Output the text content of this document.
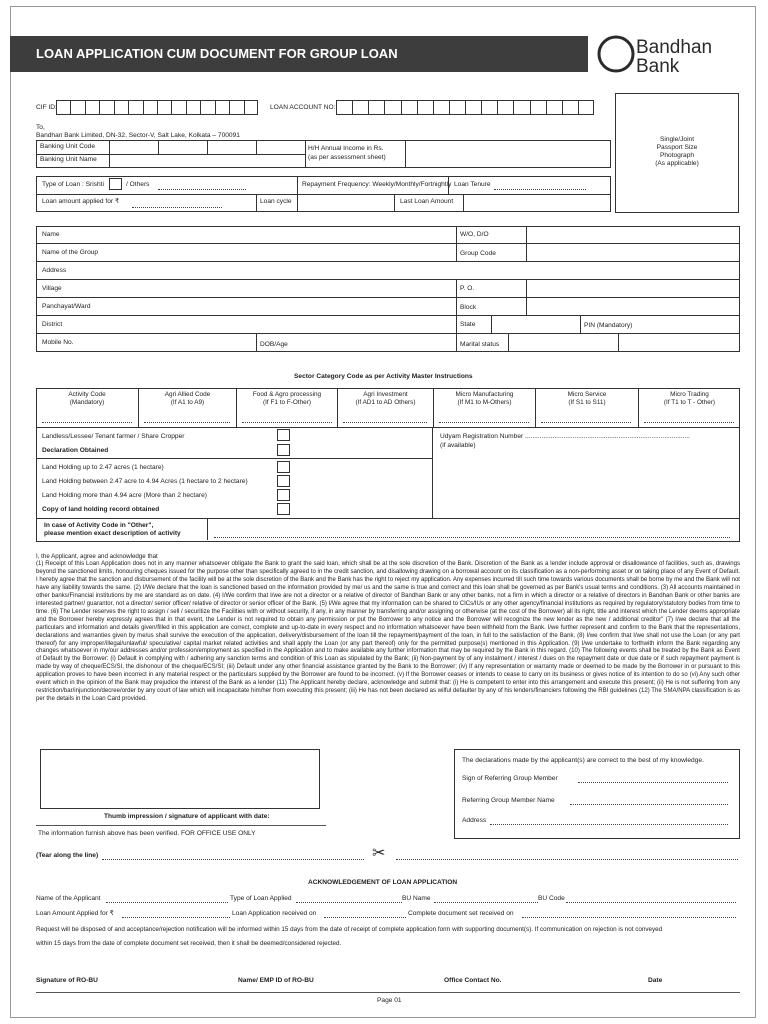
LOAN APPLICATION CUM DOCUMENT FOR GROUP LOAN	Bandhan
Bank
CIF ID:	LOAN ACCOUNT NO:
To,
Bandhan Bank Limited, DN-32, Sector-V, Salt Lake, Kolkata – 700091
Single/Joint
Passport Size
Photograph
(As applicable)
Banking Unit Code
Banking Unit Name
H/H Annual Income in Rs.
(as per assessment sheet)
Type of Loan : Srishti	/ Others	Repayment Frequency: Weekly/Monthly/Fortnightly Loan Tenure
Loan amount applied for ₹	Loan cycle	Last Loan Amount
Name	W/O, D/O
Name of the Group	Group Code
Address
Village	P. O.
Panchayat/Ward	Block
District	State	PIN (Mandatory)
Mobile No.	DOB/Age	Marital status
Sector Category Code as per Activity Master Instructions
Activity Code
(Mandatory)
Agri Allied Code
(If A1 to A9)
Food & Agro processing
(If F1 to F-Other)
Agri Investment
(If AD1 to AD Others)
Micro Manufacturing
(If M1 to M-Others)
Micro Service
(If S1 to S11)
Micro Trading
(If T1 to T - Other)
Landless/Lessee/ Tenant farmer / Share Cropper
Declaration Obtained
Land Holding up to 2.47 acres (1 hectare)
Land Holding between 2.47 acre to 4.94 Acres (1 hectare to 2 hectare)
Land Holding more than 4.94 acre (More than 2 hectare)
Copy of land holding record obtained
Udyam Registration Number ..........................................................................................
(if available)
In case of Activity Code in "Other",
please mention exact description of activity
I, the Applicant, agree and acknowledge that
(1) Receipt of this Loan Application does not in any manner whatsoever obligate the Bank to grant the said loan, which shall be at the sole discretion of the Bank. Discretion of the Bank as a lender include approval or disallowance of facilities, such as, drawings beyond the sanctioned limits, honouring cheques issued for the purpose other than specifically agreed to in the credit sanction, and disallowing drawing on a borrowal account on its classification as a non-performing asset or on taking place of any Event of Default. I hereby agree that the sanction and disbursement of the facility will be at the sole discretion of the Bank and the Bank has the right to reject my application. Any expenses incurred till such time towards various documents shall be borne by me and the Bank will not have any liability towards the same. (2) I/We declare that the loan is sanctioned based on the information provided by me/ us and the same is true and correct and this loan shall be governed as per Bank's usual terms and conditions. (3) All accounts maintained in other banks/Financial institutions by me are standard as on date. (4) I/We confirm that I/we are not a director or a relative of director of Bandhan Bank or any other banks, not a firm in which a director or a relative of directors in Bandhan Bank or other banks are interested partner/ guarantor, not a director/ senior officer/ relative of director or senior officer of the Bank. (5) I/We agree that my information can be shared to CICs/IUs or any other agency/financial institutions as required by regulatory/statutory bodies from time to time. (6) The Lender reserves the right to assign / sell / securitize the Facilities with or without security, if any, in any manner by transferring and/or assigning or otherwise (at the cost of the Borrower) all its right, title and interest which the Lender deems appropriate and the Borrower hereby expressly agrees that in that event, the Lender is not required to obtain any permission or put the Borrower to any notice and the Borrower will recognize the new lender as the new / additional creditor" (7) I/we declare that all the particulars and information and details given/filled in this application are correct, complete and up-to-date in every respect and no information whatsoever have been withheld from the Bank. I/we further represent and confirm to the Bank that the representations, declarations and warranties given by me/us shall survive the execution of the application, delivery/disbursement of the loan till the repayment/payment of the loan, in full to the satisfaction of the Bank. (8) I/we confirm that I/we shall not use the Loan (or any part thereof) for any improper/illegal/unlawful/ speculative/ capital market related activities and shall apply the Loan (or any part thereof) only for the permitted purpose(s) mentioned in this Application. (9) I/we undertake to forthwith inform the Bank regarding any changes whatsoever in my/our addresses and/or profession/employment as specified in the Application and to make available any further information that may be required by the Bank in this regard. (10) The following events shall be treated by the Bank as Event of Default by the Borrower: (i) Default in complying with / adhering any sanction terms and condition of this Loan as stipulated by the Bank; (ii) Non-payment by of any instalment / interest / dues on the repayment date or due date or if such repayment payment is made by way of cheque/ECS/SI, the dishonour of the cheque/ECS/SI; (iii) Default under any other financial assistance granted by the Bank to the Borrower; (iv) If any representation or warranty made or deemed to be made by the Borrower in or pursuant to this application proves to have been incorrect in any material respect or the particulars supplied by the Borrower are found to be incorrect. (v) If the Borrower ceases or intends to cease to carry on its business or gives notice of its intention to do so (vi) Any such other event which in the opinion of the Bank may prejudice the interest of the Bank as a lender (11) The Applicant hereby declare, acknowledge and submit that: (i) He is competent to enter into this arrangement and execute this present; (ii) He is not suffering from any restriction/bar/injunction/decree/order by any court of law which will incapacitate him/her from executing this present; (iii) He has not been declared as wilful defaulter by any of his lenders/financiers following the RBI guidelines (12) The SMA/NPA classification is as per the details in the Loan Card provided.
Thumb impression / signature of applicant with date:
The information furnish above has been verified. FOR OFFICE USE ONLY
The declarations made by the applicant(s) are correct to the best of my knowledge.
Sign of Referring Group Member
Referring Group Member Name
Address
(Tear along the line)	✂
ACKNOWLEDGEMENT OF LOAN APPLICATION
Name of the Applicant	Type of Loan Applied	BU Name	BU Code
Loan Amount Applied for ₹	Loan Application received on	Complete document set received on
Request will be disposed of and acceptance/rejection notification will be informed within 15 days from the date of receipt of complete application form with supporting document(s). If communication on rejection is not conveyed
within 15 days from the date of complete document set received, then it shall be deemed/considered rejected.
Signature of RO-BU	Name/ EMP ID of RO-BU	Office Contact No.	Date
Page 01
